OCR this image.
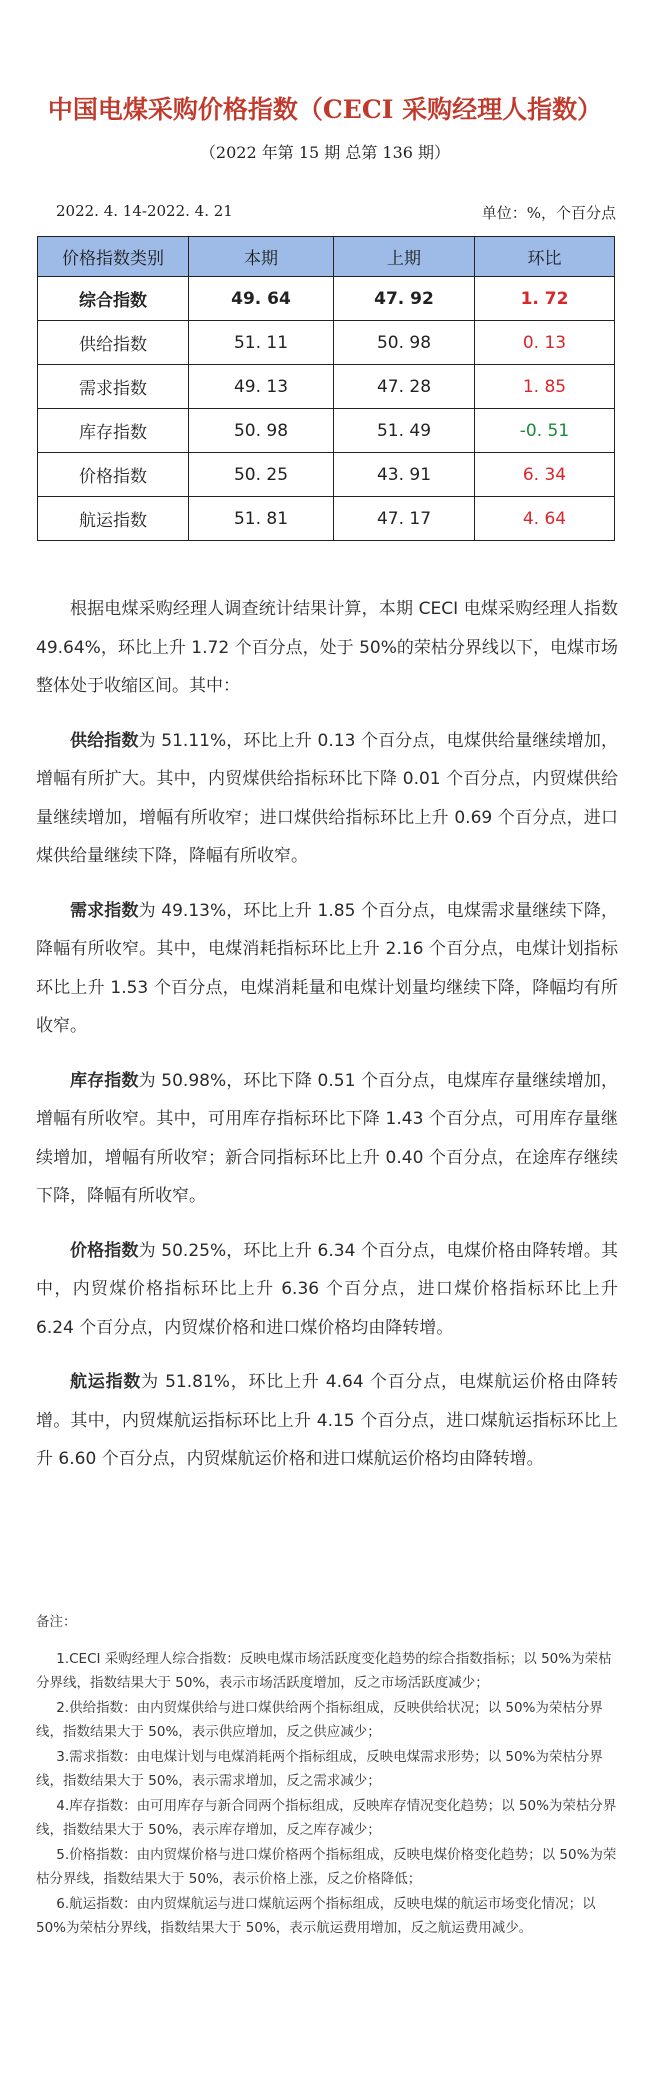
中国电煤采购价格指数（CECI 采购经理人指数）
（2022 年第 15 期 总第 136 期）
2022. 4. 14-2022. 4. 21	单位：%，个百分点
价格指数类别	本期	上期	环比
综合指数	49. 64	47. 92	1. 72
供给指数	51. 11	50. 98	0. 13
需求指数	49. 13	47. 28	1. 85
库存指数	50. 98	51. 49	-0. 51
价格指数	50. 25	43. 91	6. 34
航运指数	51. 81	47. 17	4. 64

根据电煤采购经理人调查统计结果计算，本期 CECI 电煤采购经理人指数 49.64%，环比上升 1.72 个百分点，处于 50%的荣枯分界线以下，电煤市场整体处于收缩区间。其中：

供给指数为 51.11%，环比上升 0.13 个百分点，电煤供给量继续增加，增幅有所扩大。其中，内贸煤供给指标环比下降 0.01 个百分点，内贸煤供给量继续增加，增幅有所收窄；进口煤供给指标环比上升 0.69 个百分点，进口煤供给量继续下降，降幅有所收窄。

需求指数为 49.13%，环比上升 1.85 个百分点，电煤需求量继续下降，降幅有所收窄。其中，电煤消耗指标环比上升 2.16 个百分点，电煤计划指标环比上升 1.53 个百分点，电煤消耗量和电煤计划量均继续下降，降幅均有所收窄。

库存指数为 50.98%，环比下降 0.51 个百分点，电煤库存量继续增加，增幅有所收窄。其中，可用库存指标环比下降 1.43 个百分点，可用库存量继续增加，增幅有所收窄；新合同指标环比上升 0.40 个百分点，在途库存继续下降，降幅有所收窄。

价格指数为 50.25%，环比上升 6.34 个百分点，电煤价格由降转增。其中，内贸煤价格指标环比上升 6.36 个百分点，进口煤价格指标环比上升 6.24 个百分点，内贸煤价格和进口煤价格均由降转增。

航运指数为 51.81%，环比上升 4.64 个百分点，电煤航运价格由降转增。其中，内贸煤航运指标环比上升 4.15 个百分点，进口煤航运指标环比上升 6.60 个百分点，内贸煤航运价格和进口煤航运价格均由降转增。

备注：

1.CECI 采购经理人综合指数：反映电煤市场活跃度变化趋势的综合指数指标；以 50%为荣枯分界线，指数结果大于 50%，表示市场活跃度增加，反之市场活跃度减少；

2.供给指数：由内贸煤供给与进口煤供给两个指标组成，反映供给状况；以 50%为荣枯分界线，指数结果大于 50%，表示供应增加，反之供应减少；

3.需求指数：由电煤计划与电煤消耗两个指标组成，反映电煤需求形势；以 50%为荣枯分界线，指数结果大于 50%，表示需求增加，反之需求减少；

4.库存指数：由可用库存与新合同两个指标组成，反映库存情况变化趋势；以 50%为荣枯分界线，指数结果大于 50%，表示库存增加，反之库存减少；

5.价格指数：由内贸煤价格与进口煤价格两个指标组成，反映电煤价格变化趋势；以 50%为荣枯分界线，指数结果大于 50%，表示价格上涨，反之价格降低；

6.航运指数：由内贸煤航运与进口煤航运两个指标组成，反映电煤的航运市场变化情况；以 50%为荣枯分界线，指数结果大于 50%，表示航运费用增加，反之航运费用减少。
